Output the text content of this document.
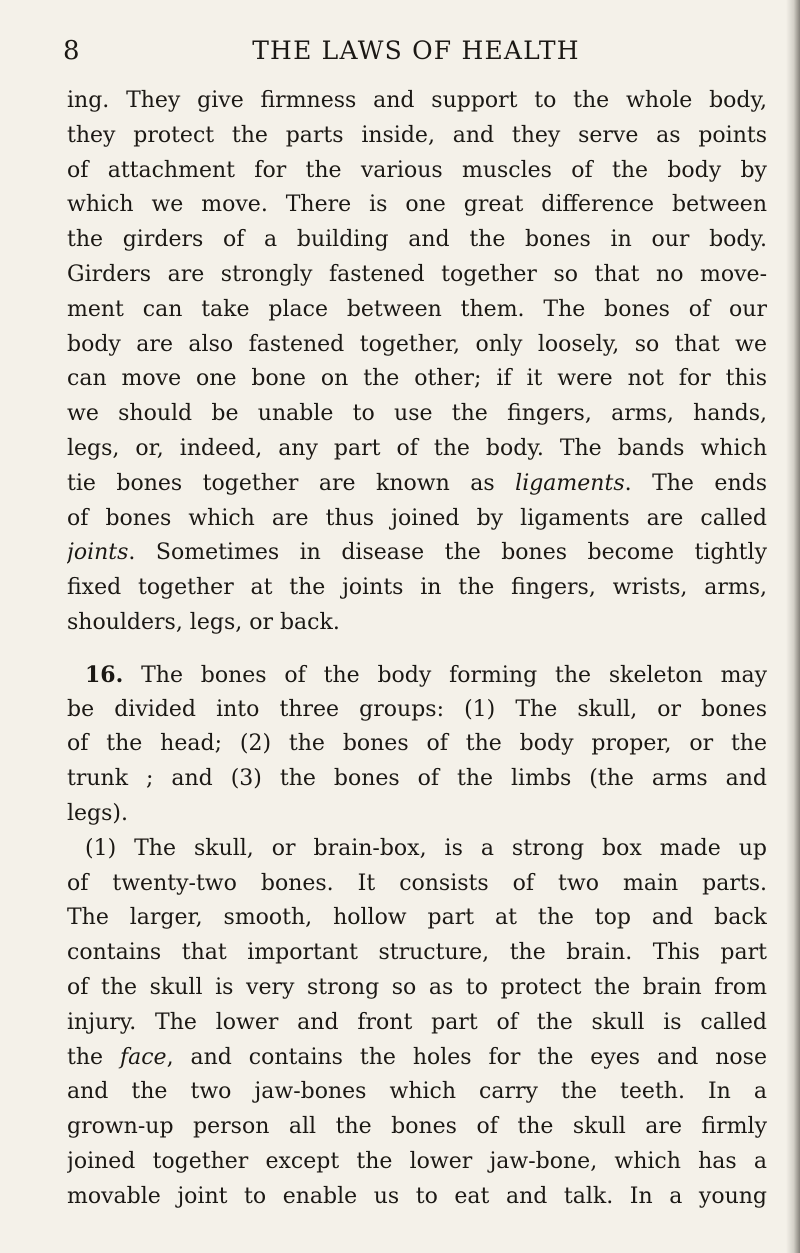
8	THE LAWS OF HEALTH
ing. They give firmness and support to the whole body,
they protect the parts inside, and they serve as points
of attachment for the various muscles of the body by
which we move. There is one great difference between
the girders of a building and the bones in our body.
Girders are strongly fastened together so that no move-
ment can take place between them. The bones of our
body are also fastened together, only loosely, so that we
can move one bone on the other; if it were not for this
we should be unable to use the fingers, arms, hands,
legs, or, indeed, any part of the body. The bands which
tie bones together are known as ligaments. The ends
of bones which are thus joined by ligaments are called
joints. Sometimes in disease the bones become tightly
fixed together at the joints in the fingers, wrists, arms,
shoulders, legs, or back.
16. The bones of the body forming the skeleton may
be divided into three groups: (1) The skull, or bones
of the head; (2) the bones of the body proper, or the
trunk ; and (3) the bones of the limbs (the arms and
legs).
(1) The skull, or brain-box, is a strong box made up
of twenty-two bones. It consists of two main parts.
The larger, smooth, hollow part at the top and back
contains that important structure, the brain. This part
of the skull is very strong so as to protect the brain from
injury. The lower and front part of the skull is called
the face, and contains the holes for the eyes and nose
and the two jaw-bones which carry the teeth. In a
grown-up person all the bones of the skull are firmly
joined together except the lower jaw-bone, which has a
movable joint to enable us to eat and talk. In a young
